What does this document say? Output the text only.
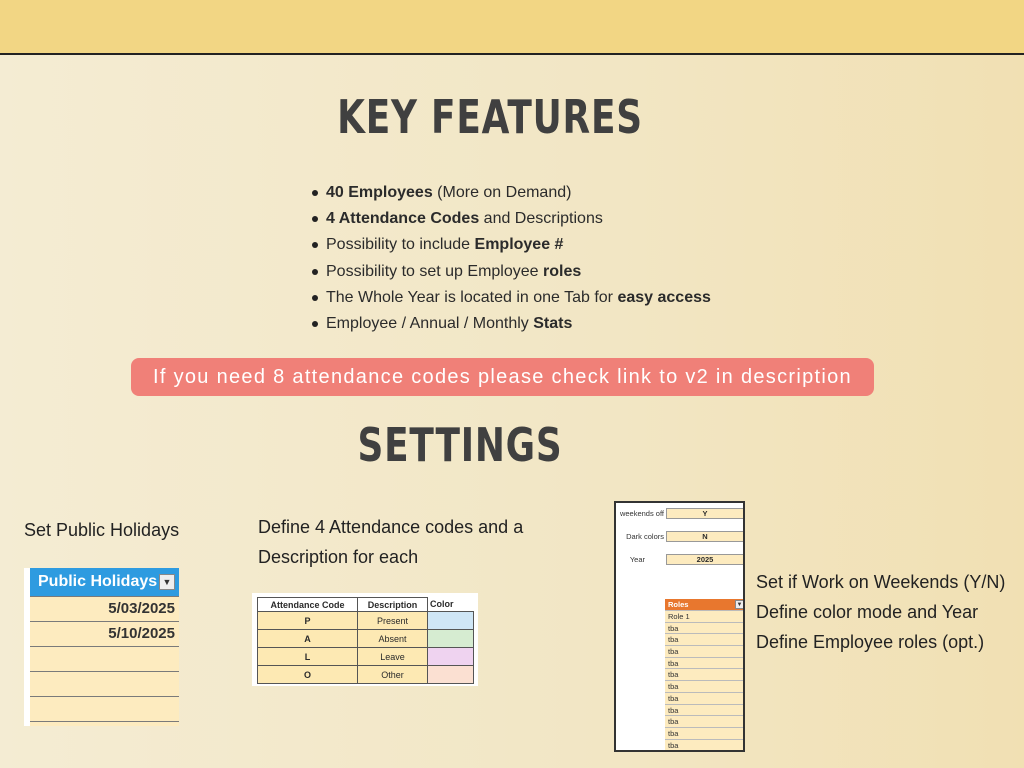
KEY FEATURES
40 Employees (More on Demand)
4 Attendance Codes and Descriptions
Possibility to include Employee #
Possibility to set up Employee roles
The Whole Year is located in one Tab for easy access
Employee / Annual / Monthly Stats
If you need 8 attendance codes please check link to v2 in description
SETTINGS
Set Public Holidays	Define 4 Attendance codes and a
Description for each
Set if Work on Weekends (Y/N)
Define color mode and Year
Define Employee roles (opt.)
Public Holidays ▼
5/03/2025
5/10/2025
Attendance Code	Description	Color
P	Present	
A	Absent	
L	Leave	
O	Other	
weekends off	Y
Dark colors	N
Year	2025
Roles	▼
Role 1
tba
tba
tba
tba
tba
tba
tba
tba
tba
tba
tba
